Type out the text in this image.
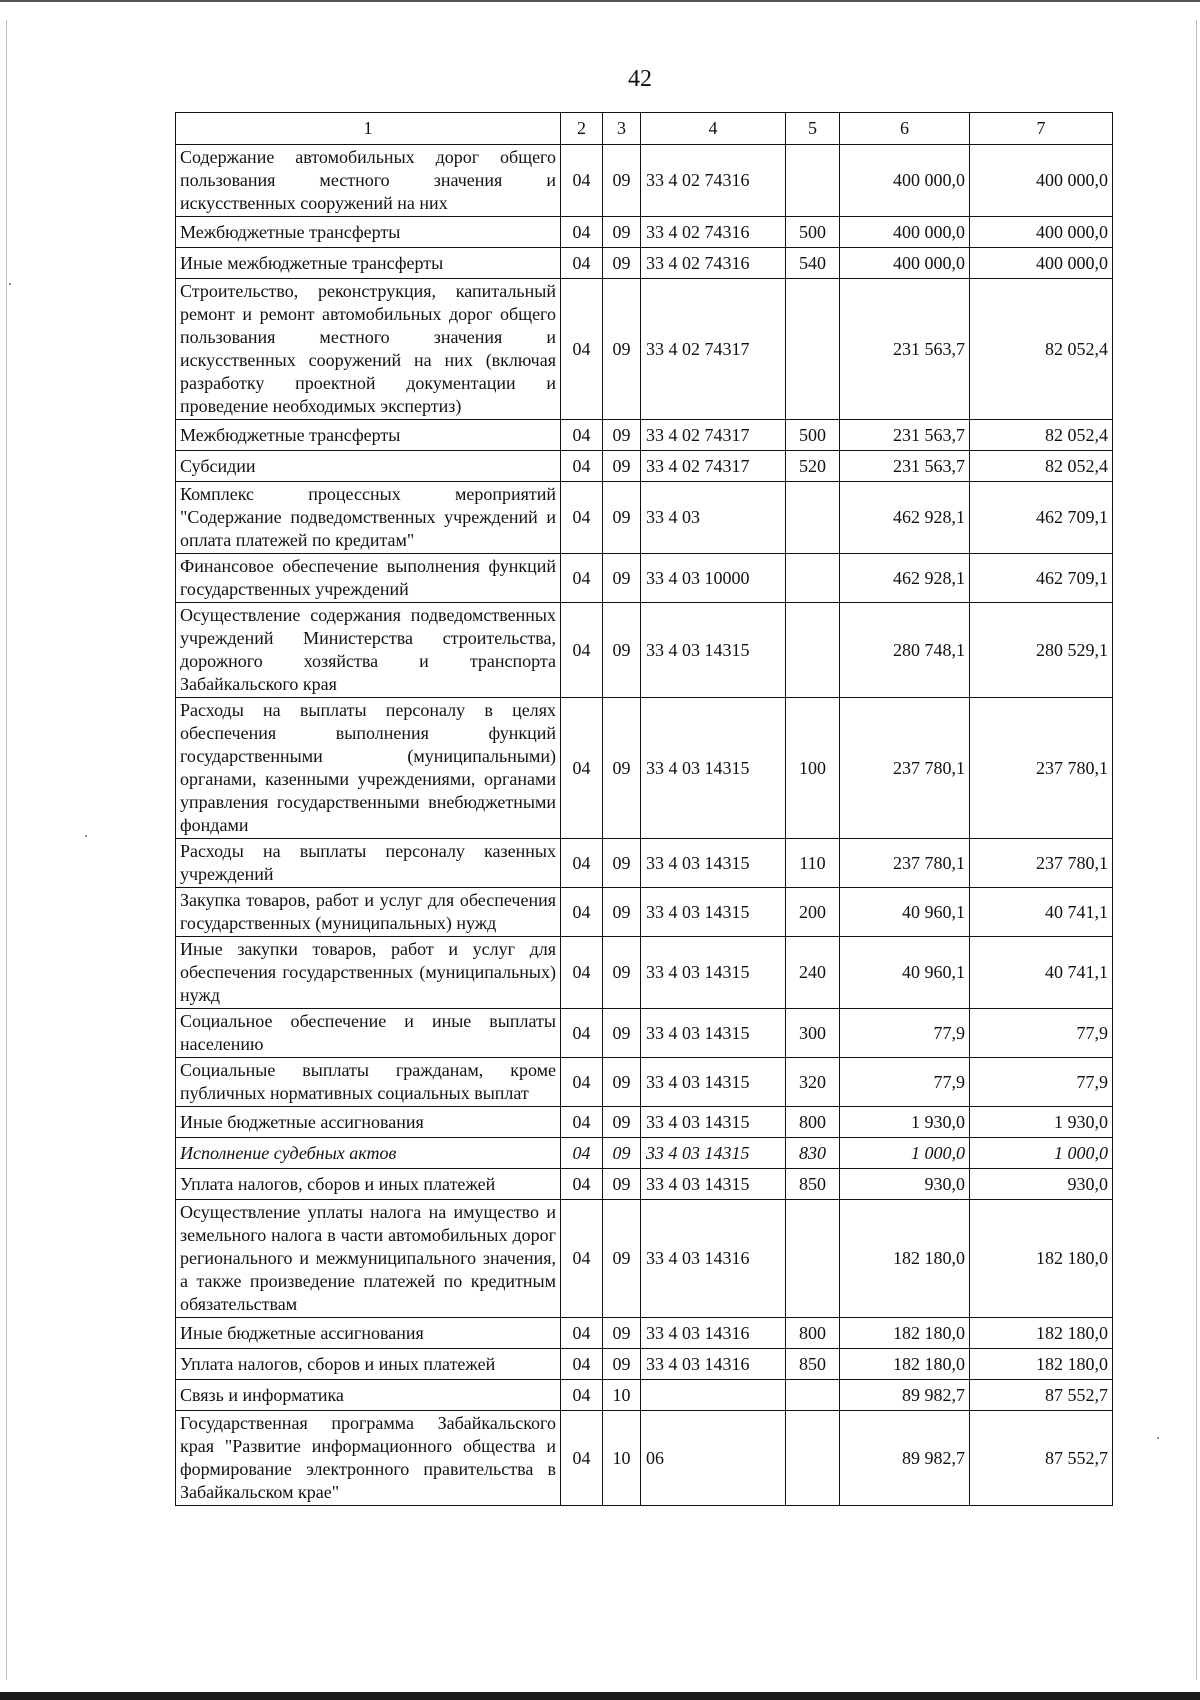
·
·
·
42
1	2	3	4	5	6	7
Содержание автомобильных дорог общего пользования местного значения и искусственных сооружений на них	04	09	33 4 02 74316		400 000,0	400 000,0
Межбюджетные трансферты	04	09	33 4 02 74316	500	400 000,0	400 000,0
Иные межбюджетные трансферты	04	09	33 4 02 74316	540	400 000,0	400 000,0
Строительство, реконструкция, капитальный ремонт и ремонт автомобильных дорог общего пользования местного значения и искусственных сооружений на них (включая разработку проектной документации и проведение необходимых экспертиз)	04	09	33 4 02 74317		231 563,7	82 052,4
Межбюджетные трансферты	04	09	33 4 02 74317	500	231 563,7	82 052,4
Субсидии	04	09	33 4 02 74317	520	231 563,7	82 052,4
Комплекс процессных мероприятий "Содержание подведомственных учреждений и оплата платежей по кредитам"	04	09	33 4 03		462 928,1	462 709,1
Финансовое обеспечение выполнения функций государственных учреждений	04	09	33 4 03 10000		462 928,1	462 709,1
Осуществление содержания подведомственных учреждений Министерства строительства, дорожного хозяйства и транспорта Забайкальского края	04	09	33 4 03 14315		280 748,1	280 529,1
Расходы на выплаты персоналу в целях обеспечения выполнения функций государственными (муниципальными) органами, казенными учреждениями, органами управления государственными внебюджетными фондами	04	09	33 4 03 14315	100	237 780,1	237 780,1
Расходы на выплаты персоналу казенных учреждений	04	09	33 4 03 14315	110	237 780,1	237 780,1
Закупка товаров, работ и услуг для обеспечения государственных (муниципальных) нужд	04	09	33 4 03 14315	200	40 960,1	40 741,1
Иные закупки товаров, работ и услуг для обеспечения государственных (муниципальных) нужд	04	09	33 4 03 14315	240	40 960,1	40 741,1
Социальное обеспечение и иные выплаты населению	04	09	33 4 03 14315	300	77,9	77,9
Социальные выплаты гражданам, кроме публичных нормативных социальных выплат	04	09	33 4 03 14315	320	77,9	77,9
Иные бюджетные ассигнования	04	09	33 4 03 14315	800	1 930,0	1 930,0
Исполнение судебных актов	04	09	33 4 03 14315	830	1 000,0	1 000,0
Уплата налогов, сборов и иных платежей	04	09	33 4 03 14315	850	930,0	930,0
Осуществление уплаты налога на имущество и земельного налога в части автомобильных дорог регионального и межмуниципального значения, а также произведение платежей по кредитным обязательствам	04	09	33 4 03 14316		182 180,0	182 180,0
Иные бюджетные ассигнования	04	09	33 4 03 14316	800	182 180,0	182 180,0
Уплата налогов, сборов и иных платежей	04	09	33 4 03 14316	850	182 180,0	182 180,0
Связь и информатика	04	10			89 982,7	87 552,7
Государственная программа Забайкальского края "Развитие информационного общества и формирование электронного правительства в Забайкальском крае"	04	10	06		89 982,7	87 552,7
